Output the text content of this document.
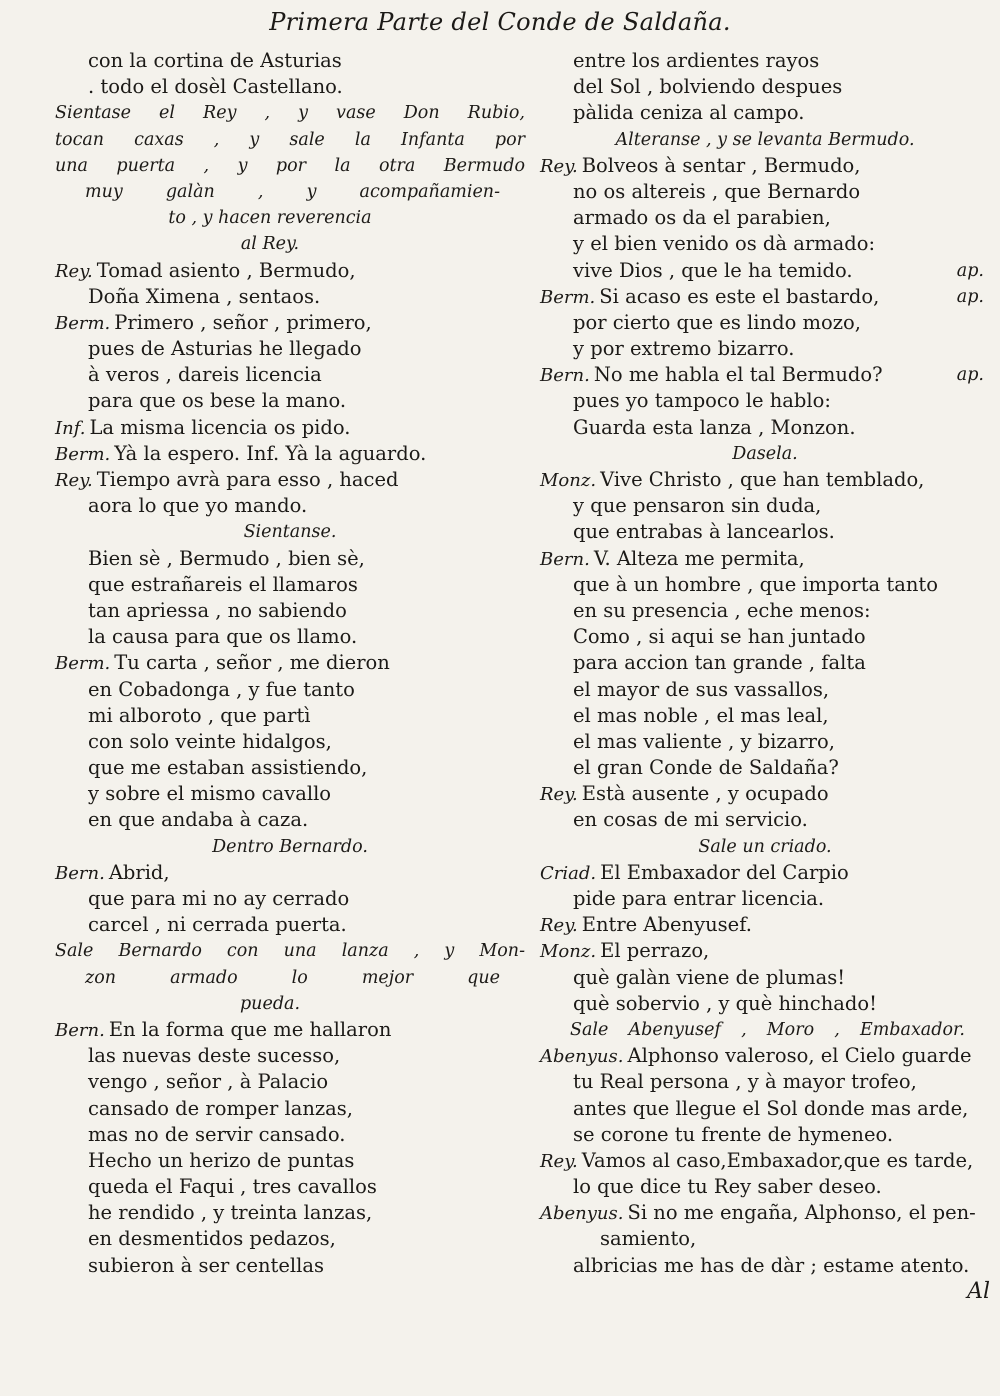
Primera Parte del Conde de Saldaña.
con la cortina de Asturias
. todo el dosèl Castellano.
Sientase el Rey , y vase Don Rubio,
tocan caxas , y sale la Infanta por
una puerta , y por la otra Bermudo
muy galàn , y acompañamien-
to , y hacen reverencia
al Rey.
Rey. Tomad asiento , Bermudo,
Doña Ximena , sentaos.
Berm. Primero , señor , primero,
pues de Asturias he llegado
à veros , dareis licencia
para que os bese la mano.
Inf. La misma licencia os pido.
Berm. Yà la espero. Inf. Yà la aguardo.
Rey. Tiempo avrà para esso , haced
aora lo que yo mando.
Sientanse.
Bien sè , Bermudo , bien sè,
que estrañareis el llamaros
tan apriessa , no sabiendo
la causa para que os llamo.
Berm. Tu carta , señor , me dieron
en Cobadonga , y fue tanto
mi alboroto , que partì
con solo veinte hidalgos,
que me estaban assistiendo,
y sobre el mismo cavallo
en que andaba à caza.
Dentro Bernardo.
Bern. Abrid,
que para mi no ay cerrado
carcel , ni cerrada puerta.
Sale Bernardo con una lanza , y Mon-
zon armado lo mejor que
pueda.
Bern. En la forma que me hallaron
las nuevas deste sucesso,
vengo , señor , à Palacio
cansado de romper lanzas,
mas no de servir cansado.
Hecho un herizo de puntas
queda el Faqui , tres cavallos
he rendido , y treinta lanzas,
en desmentidos pedazos,
subieron à ser centellas
entre los ardientes rayos
del Sol , bolviendo despues
pàlida ceniza al campo.
Alteranse , y se levanta Bermudo.
Rey. Bolveos à sentar , Bermudo,
no os altereis , que Bernardo
armado os da el parabien,
y el bien venido os dà armado:
vive Dios , que le ha temido.	ap.
Berm. Si acaso es este el bastardo,	ap.
por cierto que es lindo mozo,
y por extremo bizarro.
Bern. No me habla el tal Bermudo?	ap.
pues yo tampoco le hablo:
Guarda esta lanza , Monzon.
Dasela.
Monz. Vive Christo , que han temblado,
y que pensaron sin duda,
que entrabas à lancearlos.
Bern. V. Alteza me permita,
que à un hombre , que importa tanto
en su presencia , eche menos:
Como , si aqui se han juntado
para accion tan grande , falta
el mayor de sus vassallos,
el mas noble , el mas leal,
el mas valiente , y bizarro,
el gran Conde de Saldaña?
Rey. Està ausente , y ocupado
en cosas de mi servicio.
Sale un criado.
Criad. El Embaxador del Carpio
pide para entrar licencia.
Rey. Entre Abenyusef.
Monz. El perrazo,
què galàn viene de plumas!
què sobervio , y què hinchado!
Sale Abenyusef , Moro , Embaxador.
Abenyus. Alphonso valeroso, el Cielo guarde
tu Real persona , y à mayor trofeo,
antes que llegue el Sol donde mas arde,
se corone tu frente de hymeneo.
Rey. Vamos al caso,Embaxador,que es tarde,
lo que dice tu Rey saber deseo.
Abenyus. Si no me engaña, Alphonso, el pen-
samiento,
albricias me has de dàr ; estame atento.
Al
